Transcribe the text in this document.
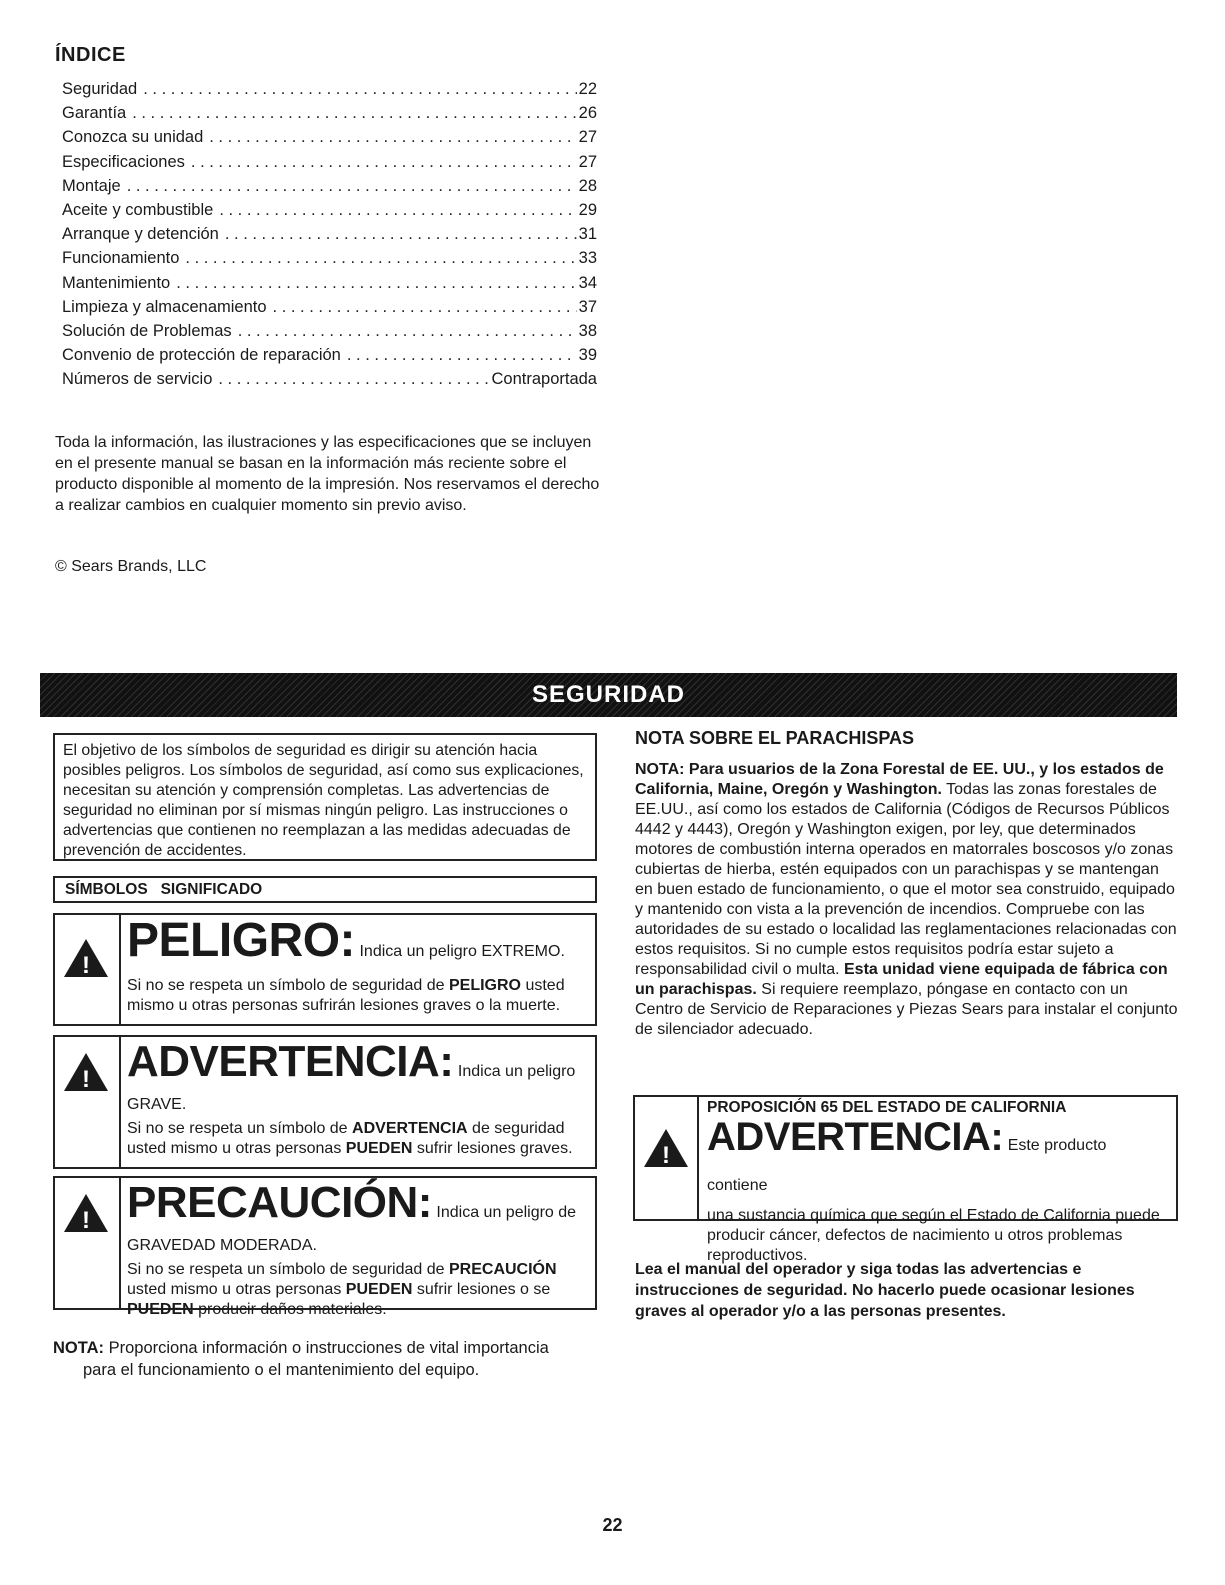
ÍNDICE
Seguridad . . .	22
Garantía . . .	26
Conozca su unidad . . .	27
Especificaciones . . .	27
Montaje . . .	28
Aceite y combustible . . .	29
Arranque y detención . . .	31
Funcionamiento . . .	33
Mantenimiento . . .	34
Limpieza y almacenamiento . . .	37
Solución de Problemas . . .	38
Convenio de protección de reparación . . .	39
Números de servicio . . .	Contraportada
Toda la información, las ilustraciones y las especificaciones que se incluyen en el presente manual se basan en la información más reciente sobre el producto disponible al momento de la impresión. Nos reservamos el derecho a realizar cambios en cualquier momento sin previo aviso.
© Sears Brands, LLC
SEGURIDAD
El objetivo de los símbolos de seguridad es dirigir su atención hacia posibles peligros. Los símbolos de seguridad, así como sus explicaciones, necesitan su atención y comprensión completas. Las advertencias de seguridad no eliminan por sí mismas ningún peligro. Las instrucciones o advertencias que contienen no reemplazan a las medidas adecuadas de prevención de accidentes.
SÍMBOLOS SIGNIFICADO
! PELIGRO: Indica un peligro EXTREMO.
Si no se respeta un símbolo de seguridad de PELIGRO usted mismo u otras personas sufrirán lesiones graves o la muerte.
! ADVERTENCIA: Indica un peligro
GRAVE.
Si no se respeta un símbolo de ADVERTENCIA de seguridad usted mismo u otras personas PUEDEN sufrir lesiones graves.
! PRECAUCIÓN: Indica un peligro de
GRAVEDAD MODERADA.
Si no se respeta un símbolo de seguridad de PRECAUCIÓN usted mismo u otras personas PUEDEN sufrir lesiones o se PUEDEN producir daños materiales.
NOTA: Proporciona información o instrucciones de vital importancia
para el funcionamiento o el mantenimiento del equipo.
NOTA SOBRE EL PARACHISPAS
NOTA: Para usuarios de la Zona Forestal de EE. UU., y los estados de California, Maine, Oregón y Washington. Todas las zonas forestales de EE.UU., así como los estados de California (Códigos de Recursos Públicos 4442 y 4443), Oregón y Washington exigen, por ley, que determinados motores de combustión interna operados en matorrales boscosos y/o zonas cubiertas de hierba, estén equipados con un parachispas y se mantengan en buen estado de funcionamiento, o que el motor sea construido, equipado y mantenido con vista a la prevención de incendios. Compruebe con las autoridades de su estado o localidad las reglamentaciones relacionadas con estos requisitos. Si no cumple estos requisitos podría estar sujeto a responsabilidad civil o multa. Esta unidad viene equipada de fábrica con un parachispas. Si requiere reemplazo, póngase en contacto con un Centro de Servicio de Reparaciones y Piezas Sears para instalar el conjunto de silenciador adecuado.
!
PROPOSICIÓN 65 DEL ESTADO DE CALIFORNIA
ADVERTENCIA: Este producto contiene
una sustancia química que según el Estado de California puede producir cáncer, defectos de nacimiento u otros problemas reproductivos.
Lea el manual del operador y siga todas las advertencias e instrucciones de seguridad. No hacerlo puede ocasionar lesiones graves al operador y/o a las personas presentes.
22
